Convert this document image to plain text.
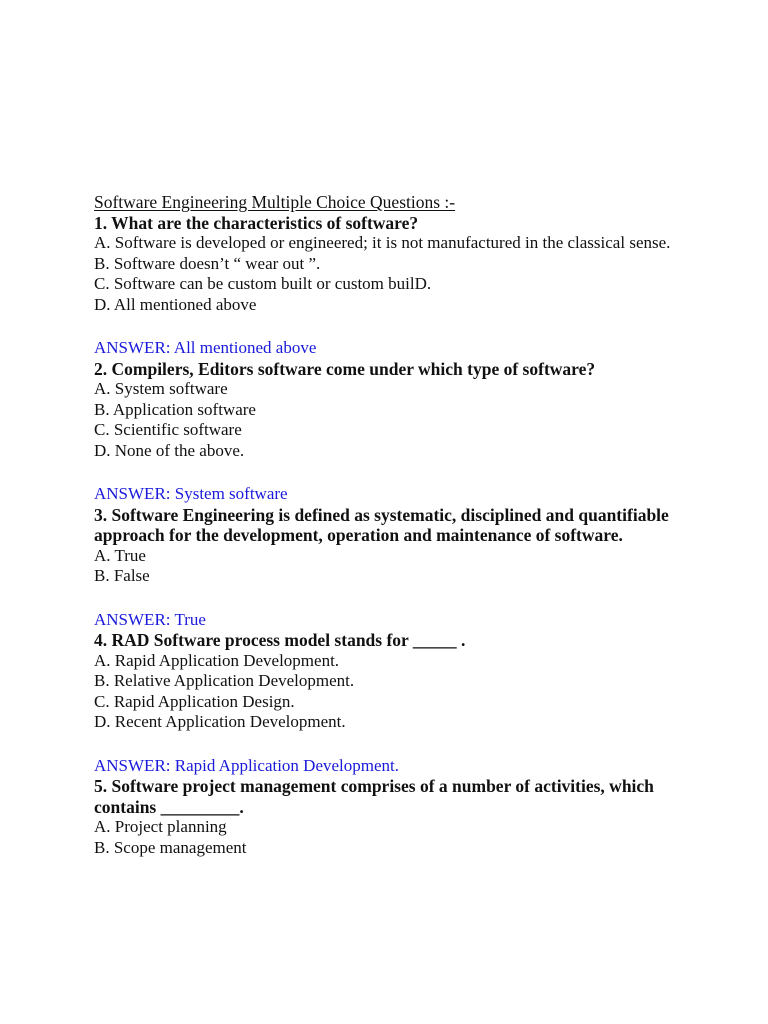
Software Engineering Multiple Choice Questions :-
1. What are the characteristics of software?
A. Software is developed or engineered; it is not manufactured in the classical sense.
B. Software doesn’t “ wear out ”.
C. Software can be custom built or custom builD.
D. All mentioned above
ANSWER: All mentioned above
2. Compilers, Editors software come under which type of software?
A. System software
B. Application software
C. Scientific software
D. None of the above.
ANSWER: System software
3. Software Engineering is defined as systematic, disciplined and quantifiable approach for the development, operation and maintenance of software.
A. True
B. False
ANSWER: True
4. RAD Software process model stands for _____ .
A. Rapid Application Development.
B. Relative Application Development.
C. Rapid Application Design.
D. Recent Application Development.
ANSWER: Rapid Application Development.
5. Software project management comprises of a number of activities, which contains _________.
A. Project planning
B. Scope management
